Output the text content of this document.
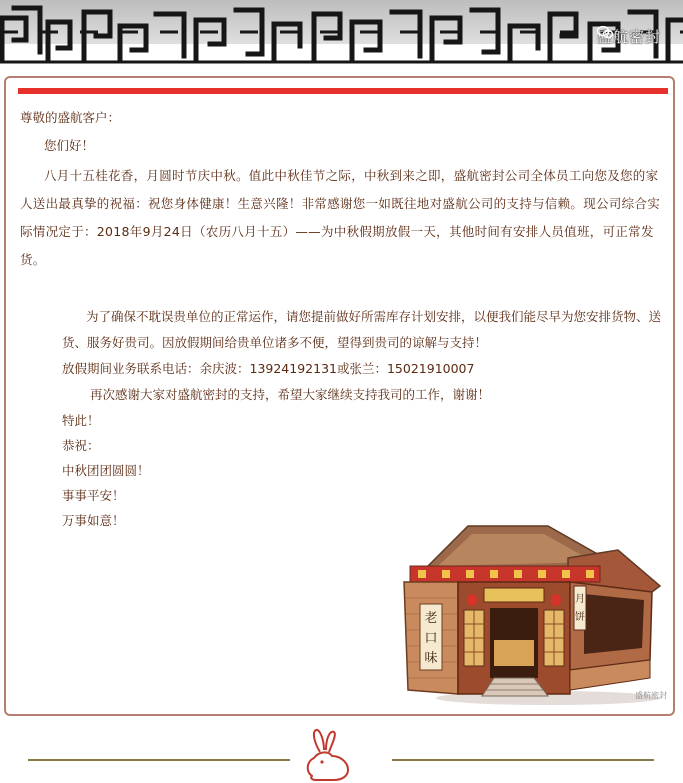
盛航密封

尊敬的盛航客户：

您们好！

八月十五桂花香，月圆时节庆中秋。值此中秋佳节之际，中秋到来之即，盛航密封公司全体员工向您及您的家人送出最真挚的祝福：祝您身体健康！生意兴隆！非常感谢您一如既往地对盛航公司的支持与信赖。现公司综合实际情况定于：2018年9月24日（农历八月十五）——为中秋假期放假一天，其他时间有安排人员值班，可正常发货。

为了确保不耽误贵单位的正常运作，请您提前做好所需库存计划安排，以便我们能尽早为您安排货物、送货、服务好贵司。因放假期间给贵单位诸多不便，望得到贵司的谅解与支持！

放假期间业务联系电话：余庆波：13924192131或张兰：15021910007

再次感谢大家对盛航密封的支持，希望大家继续支持我司的工作，谢谢！

特此！

恭祝：

中秋团团圆圆！

事事平安！

万事如意！

老
口
味
月
饼
盛航密封
